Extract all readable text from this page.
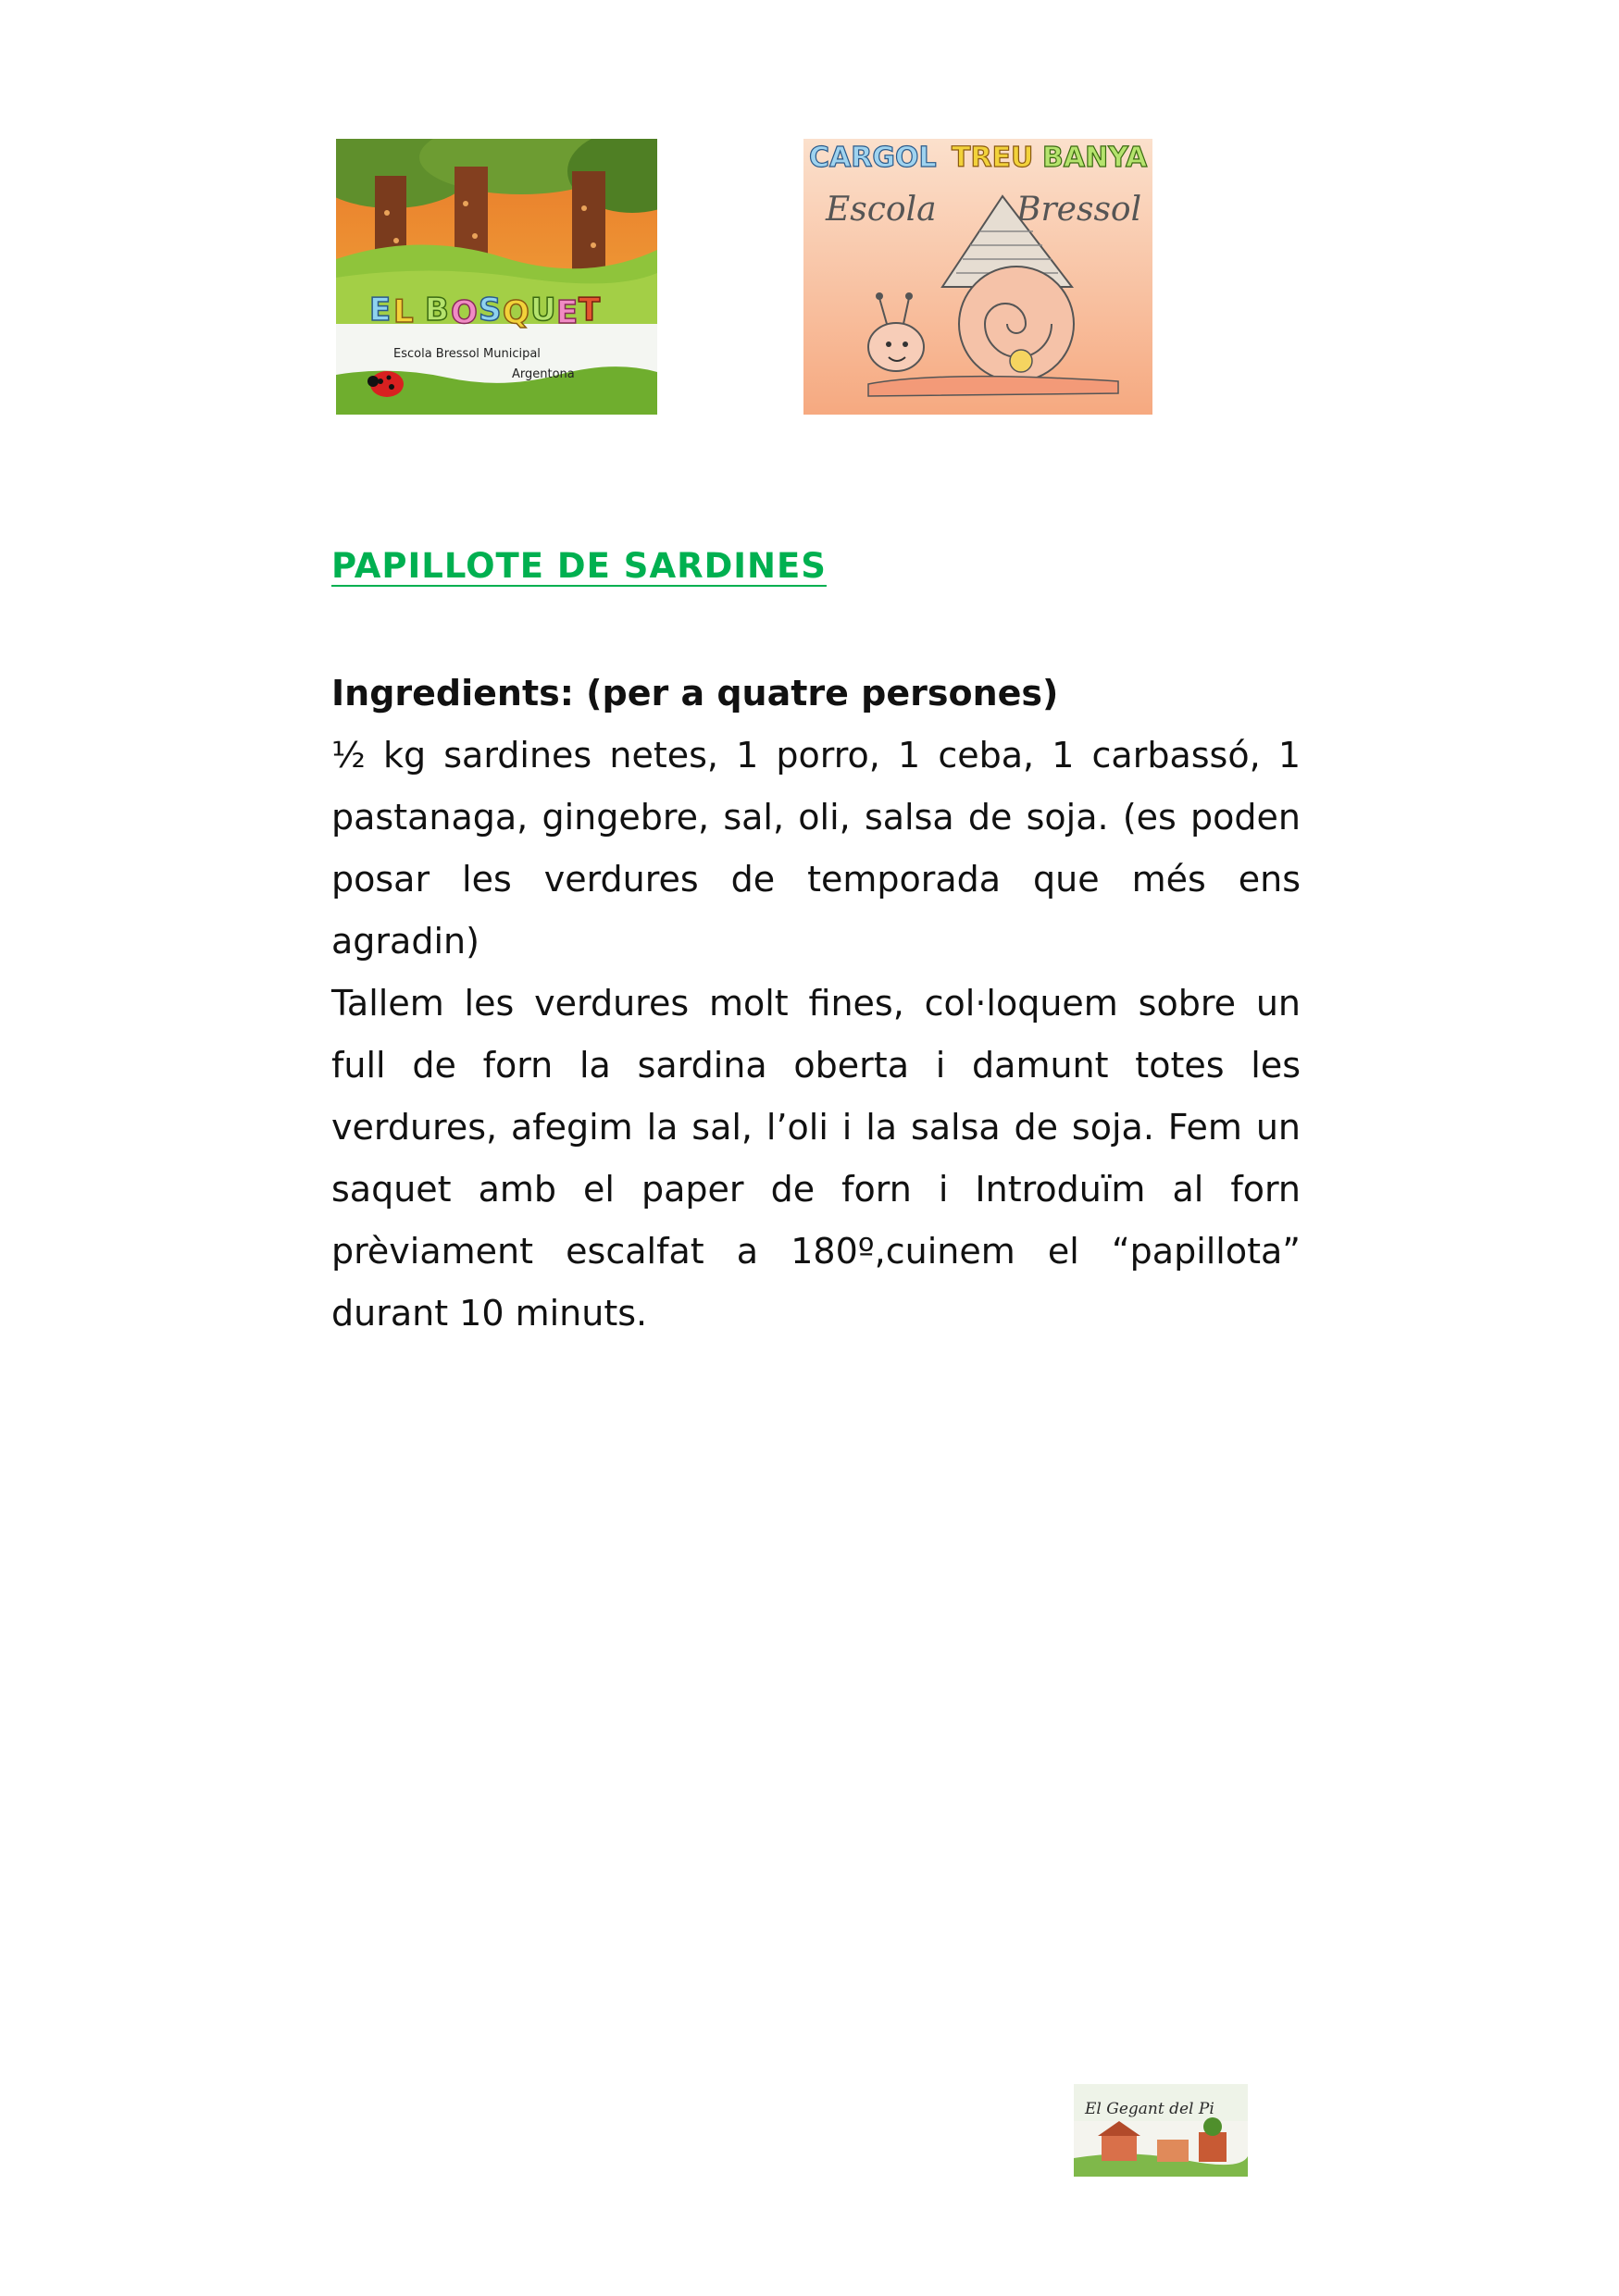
E L B O S Q U E T
Escola Bressol Municipal
Argentona
CARGOL TREU BANYA
Escola Bressol
PAPILLOTE DE SARDINES

Ingredients: (per a quatre persones)

½ kg sardines netes, 1 porro, 1 ceba, 1 carbassó, 1 pastanaga, gingebre, sal, oli, salsa de soja. (es poden posar les verdures de temporada que més ens agradin)

Tallem les verdures molt fines, col·loquem sobre un full de forn la sardina oberta i damunt totes les verdures, afegim la sal, l’oli i la salsa de soja. Fem un saquet amb el paper de forn i Introduïm al forn prèviament escalfat a 180º,cuinem el “papillota” durant 10 minuts.

El Gegant del Pi
